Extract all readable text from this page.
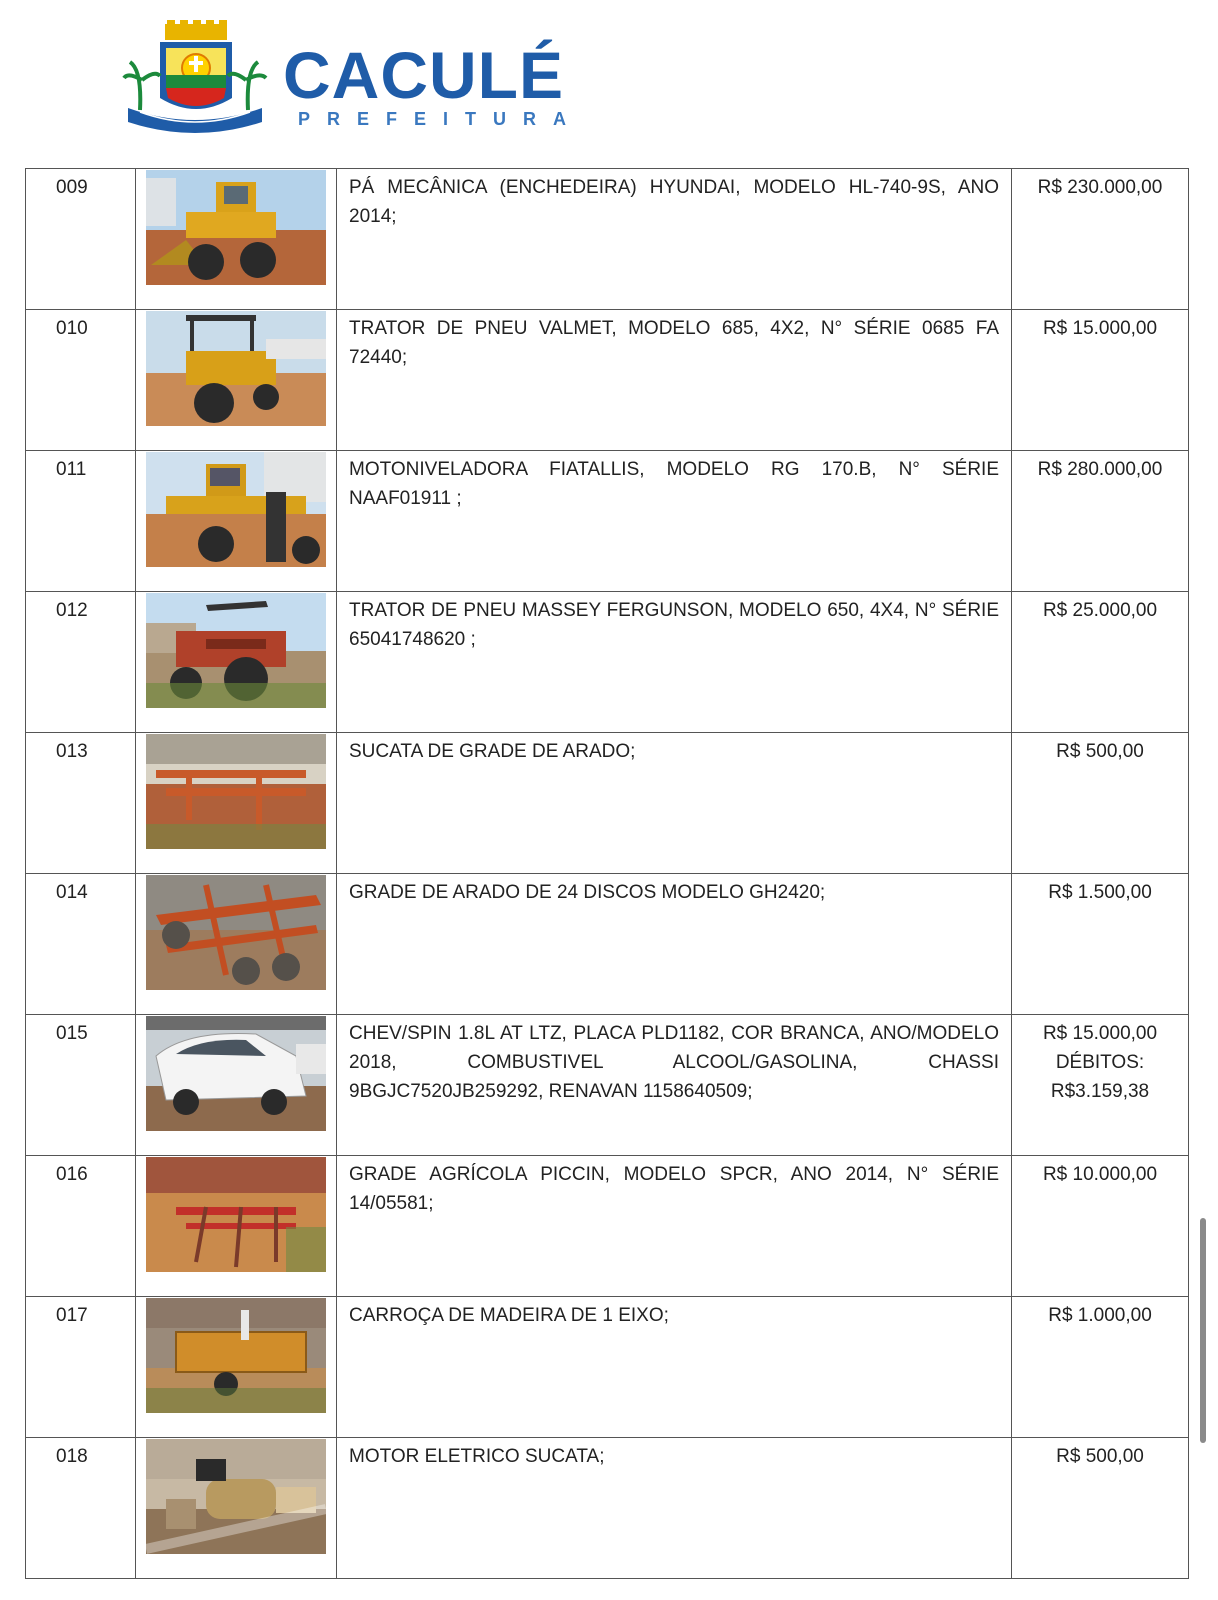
CACULÉ
PREFEITURA
009		PÁ MECÂNICA (ENCHEDEIRA) HYUNDAI, MODELO HL-740-9S, ANO 2014;	R$ 230.000,00

010		TRATOR DE PNEU VALMET, MODELO 685, 4X2, N° SÉRIE 0685 FA 72440;	R$ 15.000,00

011		MOTONIVELADORA FIATALLIS, MODELO RG 170.B, N° SÉRIE NAAF01911 ;	R$ 280.000,00

012		TRATOR DE PNEU MASSEY FERGUNSON, MODELO 650, 4X4, N° SÉRIE 65041748620 ;	R$ 25.000,00

013		SUCATA DE GRADE DE ARADO;	R$ 500,00

014		GRADE DE ARADO DE 24 DISCOS MODELO GH2420;	R$ 1.500,00

015		CHEV/SPIN 1.8L AT LTZ, PLACA PLD1182, COR BRANCA, ANO/MODELO 2018, COMBUSTIVEL ALCOOL/GASOLINA, CHASSI 9BGJC7520JB259292, RENAVAN 1158640509;	R$ 15.000,00
DÉBITOS:
R$3.159,38

016		GRADE AGRÍCOLA PICCIN, MODELO SPCR, ANO 2014, N° SÉRIE 14/05581;	R$ 10.000,00

017		CARROÇA DE MADEIRA DE 1 EIXO;	R$ 1.000,00

018		MOTOR ELETRICO SUCATA;	R$ 500,00
